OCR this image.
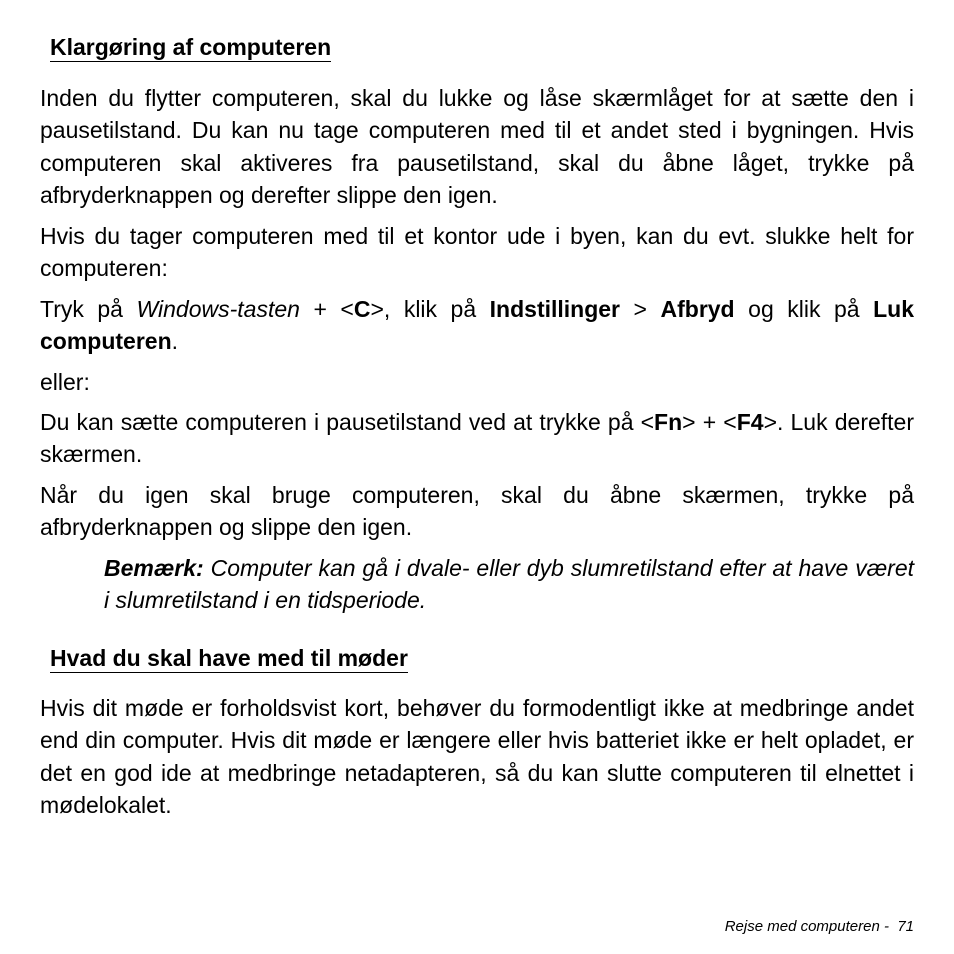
Klargøring af computeren

Inden du flytter computeren, skal du lukke og låse skærmlåget for at sætte den i pausetilstand. Du kan nu tage computeren med til et andet sted i bygningen. Hvis computeren skal aktiveres fra pausetilstand, skal du åbne låget, trykke på afbryderknappen og derefter slippe den igen.

Hvis du tager computeren med til et kontor ude i byen, kan du evt. slukke helt for computeren:

Tryk på Windows-tasten + <C>, klik på Indstillinger > Afbryd og klik på Luk computeren.

eller:

Du kan sætte computeren i pausetilstand ved at trykke på <Fn> + <F4>. Luk derefter skærmen.

Når du igen skal bruge computeren, skal du åbne skærmen, trykke på afbryderknappen og slippe den igen.

Bemærk: Computer kan gå i dvale- eller dyb slumretilstand efter at have været i slumretilstand i en tidsperiode.

Hvad du skal have med til møder

Hvis dit møde er forholdsvist kort, behøver du formodentligt ikke at medbringe andet end din computer. Hvis dit møde er længere eller hvis batteriet ikke er helt opladet, er det en god ide at medbringe netadapteren, så du kan slutte computeren til elnettet i mødelokalet.

Rejse med computeren - 71
